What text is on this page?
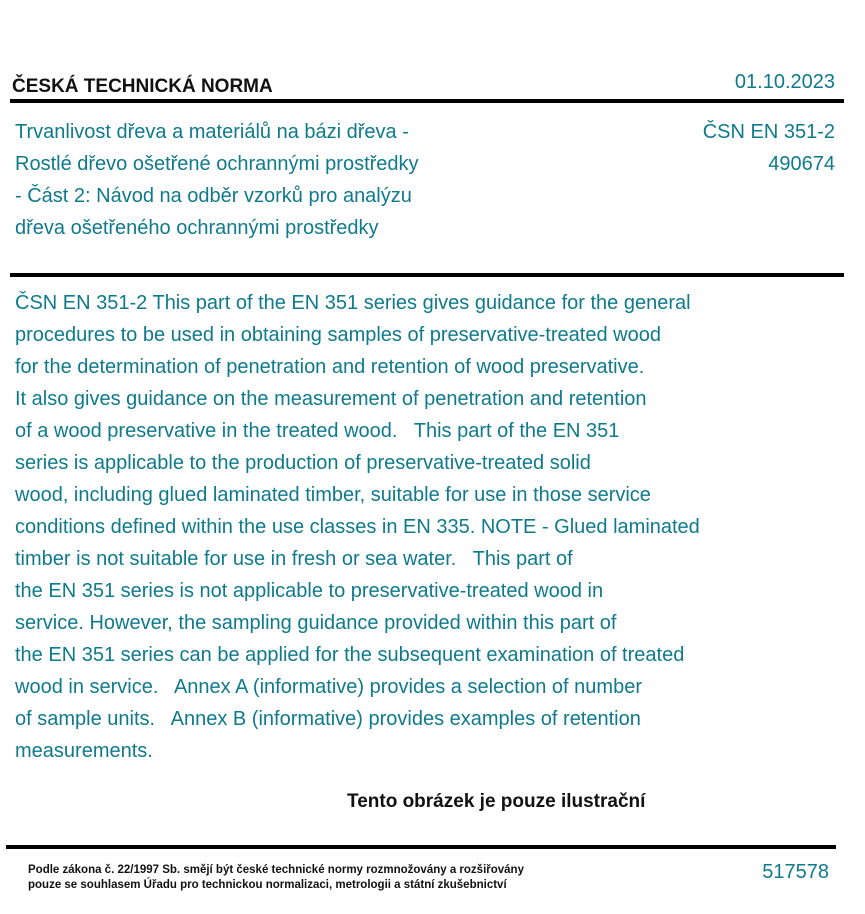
ČESKÁ TECHNICKÁ NORMA	01.10.2023
Trvanlivost dřeva a materiálů na bázi dřeva -
Rostlé dřevo ošetřené ochrannými prostředky
- Část 2: Návod na odběr vzorků pro analýzu
dřeva ošetřeného ochrannými prostředky
ČSN EN 351-2
490674
ČSN EN 351-2 This part of the EN 351 series gives guidance for the general
procedures to be used in obtaining samples of preservative-treated wood
for the determination of penetration and retention of wood preservative.
It also gives guidance on the measurement of penetration and retention
of a wood preservative in the treated wood.   This part of the EN 351
series is applicable to the production of preservative-treated solid
wood, including glued laminated timber, suitable for use in those service
conditions defined within the use classes in EN 335. NOTE - Glued laminated
timber is not suitable for use in fresh or sea water.   This part of
the EN 351 series is not applicable to preservative-treated wood in
service. However, the sampling guidance provided within this part of
the EN 351 series can be applied for the subsequent examination of treated
wood in service.   Annex A (informative) provides a selection of number
of sample units.   Annex B (informative) provides examples of retention
measurements.
Tento obrázek je pouze ilustrační
Podle zákona č. 22/1997 Sb. smějí být české technické normy rozmnožovány a rozšiřovány
pouze se souhlasem Úřadu pro technickou normalizaci, metrologii a státní zkušebnictví
517578
